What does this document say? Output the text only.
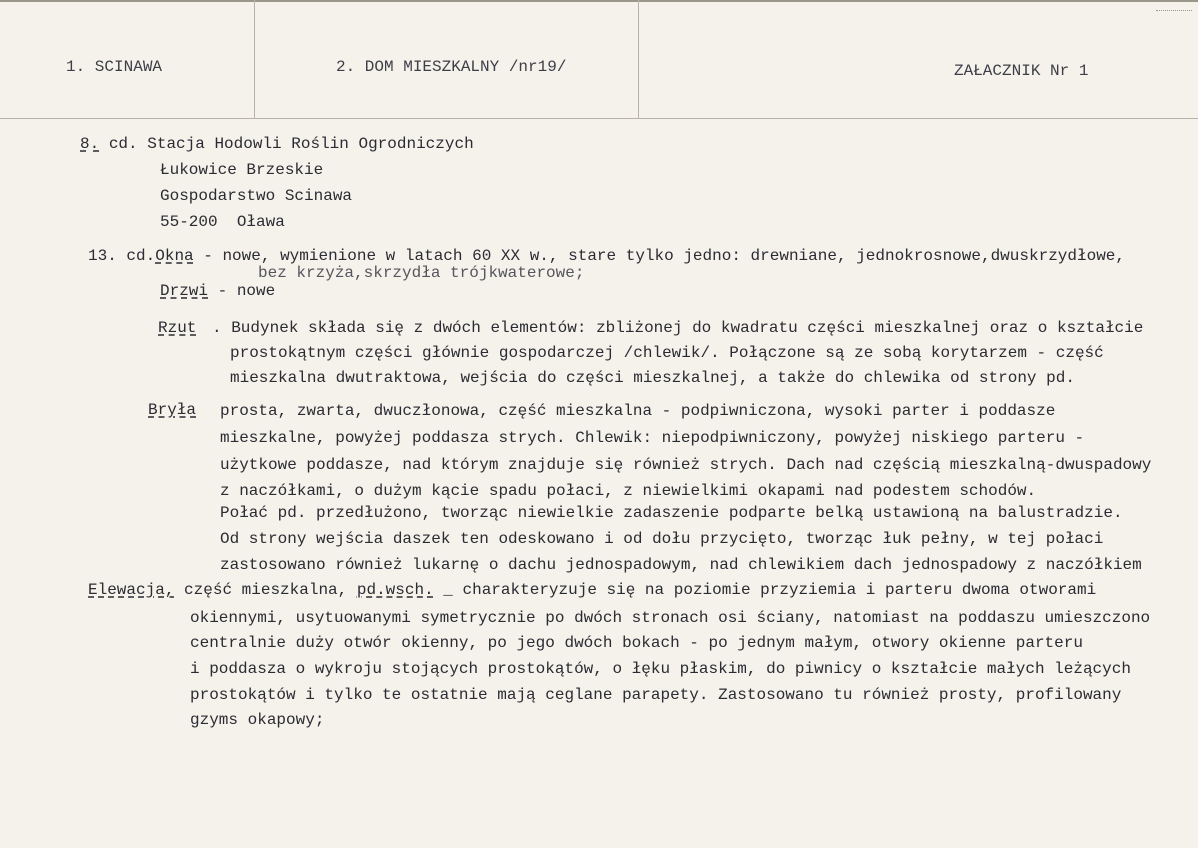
1. SCINAWA	2. DOM MIESZKALNY /nr19/	ZAŁACZNIK Nr 1
8. cd. Stacja Hodowli Roślin Ogrodniczych
Łukowice Brzeskie
Gospodarstwo Scinawa
55-200 Oława
13. cd.Okna - nowe, wymienione w latach 60 XX w., stare tylko jedno: drewniane, jednokrosnowe,dwuskrzydłowe,
bez krzyża,skrzydła trójkwaterowe;
Drzwi - nowe
Rzut . Budynek składa się z dwóch elementów: zbliżonej do kwadratu części mieszkalnej oraz o kształcie
prostokątnym części głównie gospodarczej /chlewik/. Połączone są ze sobą korytarzem - część
mieszkalna dwutraktowa, wejścia do części mieszkalnej, a także do chlewika od strony pd.
Bryła prosta, zwarta, dwuczłonowa, część mieszkalna - podpiwniczona, wysoki parter i poddasze
mieszkalne, powyżej poddasza strych. Chlewik: niepodpiwniczony, powyżej niskiego parteru -
użytkowe poddasze, nad którym znajduje się również strych. Dach nad częścią mieszkalną-dwuspadowy
z naczółkami, o dużym kącie spadu połaci, z niewielkimi okapami nad podestem schodów.
Połać pd. przedłużono, tworząc niewielkie zadaszenie podparte belką ustawioną na balustradzie.
Od strony wejścia daszek ten odeskowano i od dołu przycięto, tworząc łuk pełny, w tej połaci
zastosowano również lukarnę o dachu jednospadowym, nad chlewikiem dach jednospadowy z naczółkiem
Elewacja, część mieszkalna, pd.wsch. _ charakteryzuje się na poziomie przyziemia i parteru dwoma otworami
okiennymi, usytuowanymi symetrycznie po dwóch stronach osi ściany, natomiast na poddaszu umieszczono
centralnie duży otwór okienny, po jego dwóch bokach - po jednym małym, otwory okienne parteru
i poddasza o wykroju stojących prostokątów, o łęku płaskim, do piwnicy o kształcie małych leżących
prostokątów i tylko te ostatnie mają ceglane parapety. Zastosowano tu również prosty, profilowany
gzyms okapowy;
